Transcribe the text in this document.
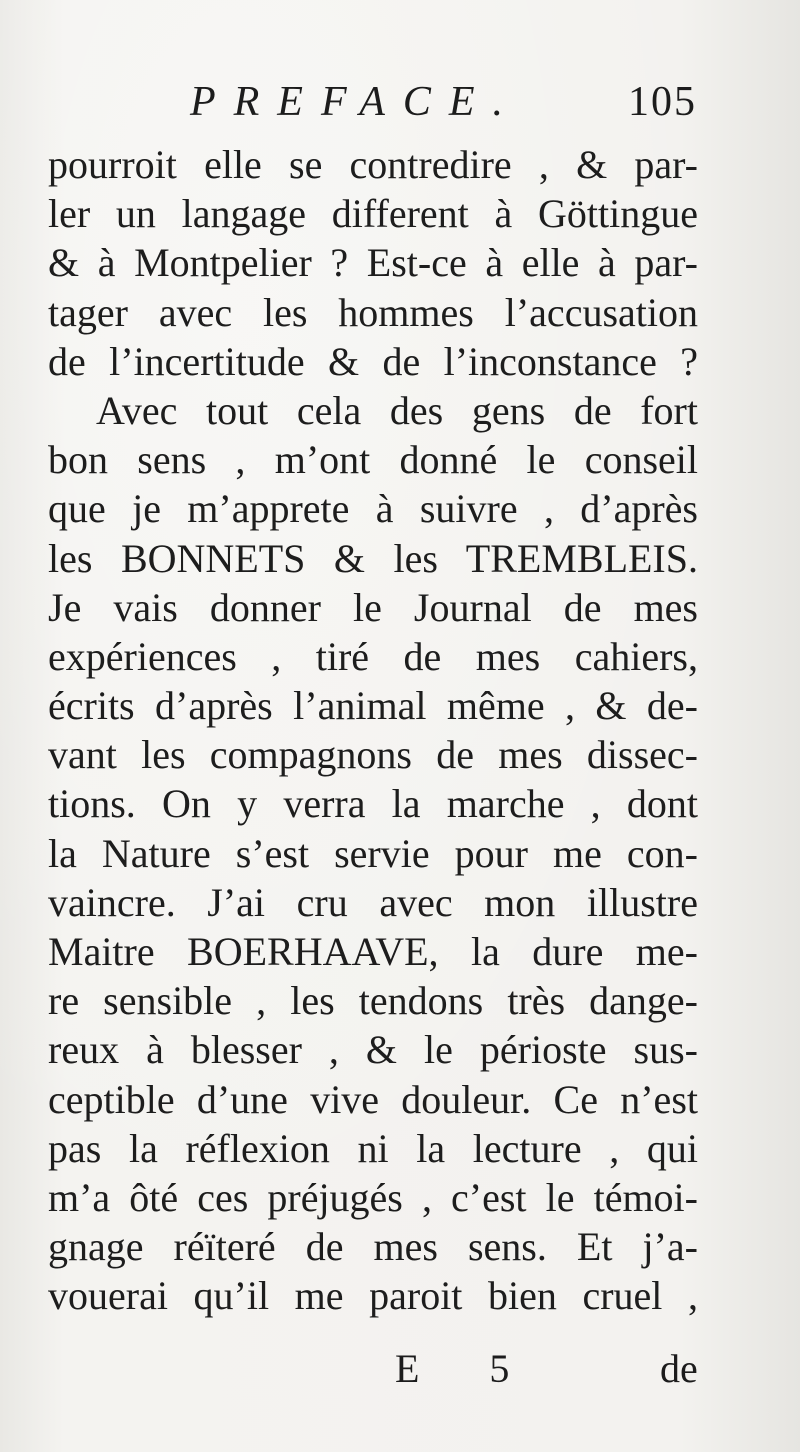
PREFACE.	105
pourroit elle se contredire , & par-
ler un langage different à Göttingue
& à Montpelier ? Est-ce à elle à par-
tager avec les hommes l’accusation
de l’incertitude & de l’inconstance ?
Avec tout cela des gens de fort
bon sens , m’ont donné le conseil
que je m’apprete à suivre , d’après
les BONNETS & les TREMBLEIS.
Je vais donner le Journal de mes
expériences , tiré de mes cahiers,
écrits d’après l’animal même , & de-
vant les compagnons de mes dissec-
tions. On y verra la marche , dont
la Nature s’est servie pour me con-
vaincre. J’ai cru avec mon illustre
Maitre BOERHAAVE, la dure me-
re sensible , les tendons très dange-
reux à blesser , & le périoste sus-
ceptible d’une vive douleur. Ce n’est
pas la réflexion ni la lecture , qui
m’a ôté ces préjugés , c’est le témoi-
gnage réïteré de mes sens. Et j’a-
vouerai qu’il me paroit bien cruel ,
E 5	de
